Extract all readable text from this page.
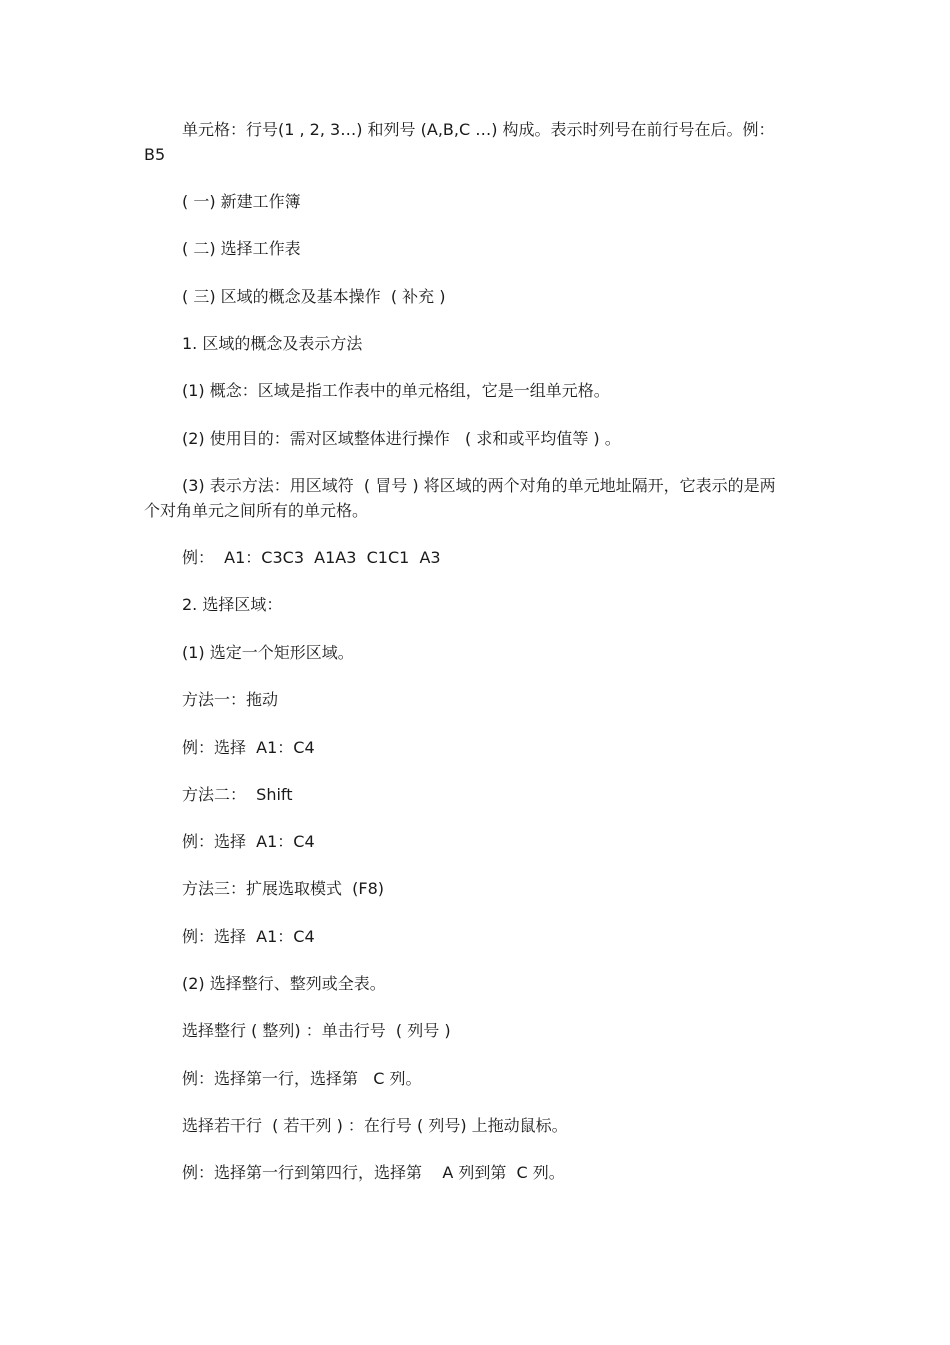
单元格：行号(1 , 2, 3…) 和列号 (A,B,C …) 构成。表示时列号在前行号在后。例：B5

( 一) 新建工作簿

( 二) 选择工作表

( 三) 区域的概念及基本操作  ( 补充 )

1. 区域的概念及表示方法

(1) 概念：区域是指工作表中的单元格组，它是一组单元格。

(2) 使用目的：需对区域整体进行操作   ( 求和或平均值等 ) 。

(3) 表示方法：用区域符  ( 冒号 ) 将区域的两个对角的单元地址隔开，它表示的是两个对角单元之间所有的单元格。

例：  A1：C3C3  A1A3  C1C1  A3

2. 选择区域：

(1) 选定一个矩形区域。

方法一：拖动

例：选择  A1：C4

方法二：  Shift

例：选择  A1：C4

方法三：扩展选取模式  (F8)

例：选择  A1：C4

(2) 选择整行、整列或全表。

选择整行 ( 整列) ：单击行号  ( 列号 )

例：选择第一行，选择第   C 列。

选择若干行  ( 若干列 ) ：在行号 ( 列号) 上拖动鼠标。

例：选择第一行到第四行，选择第    A 列到第  C 列。
